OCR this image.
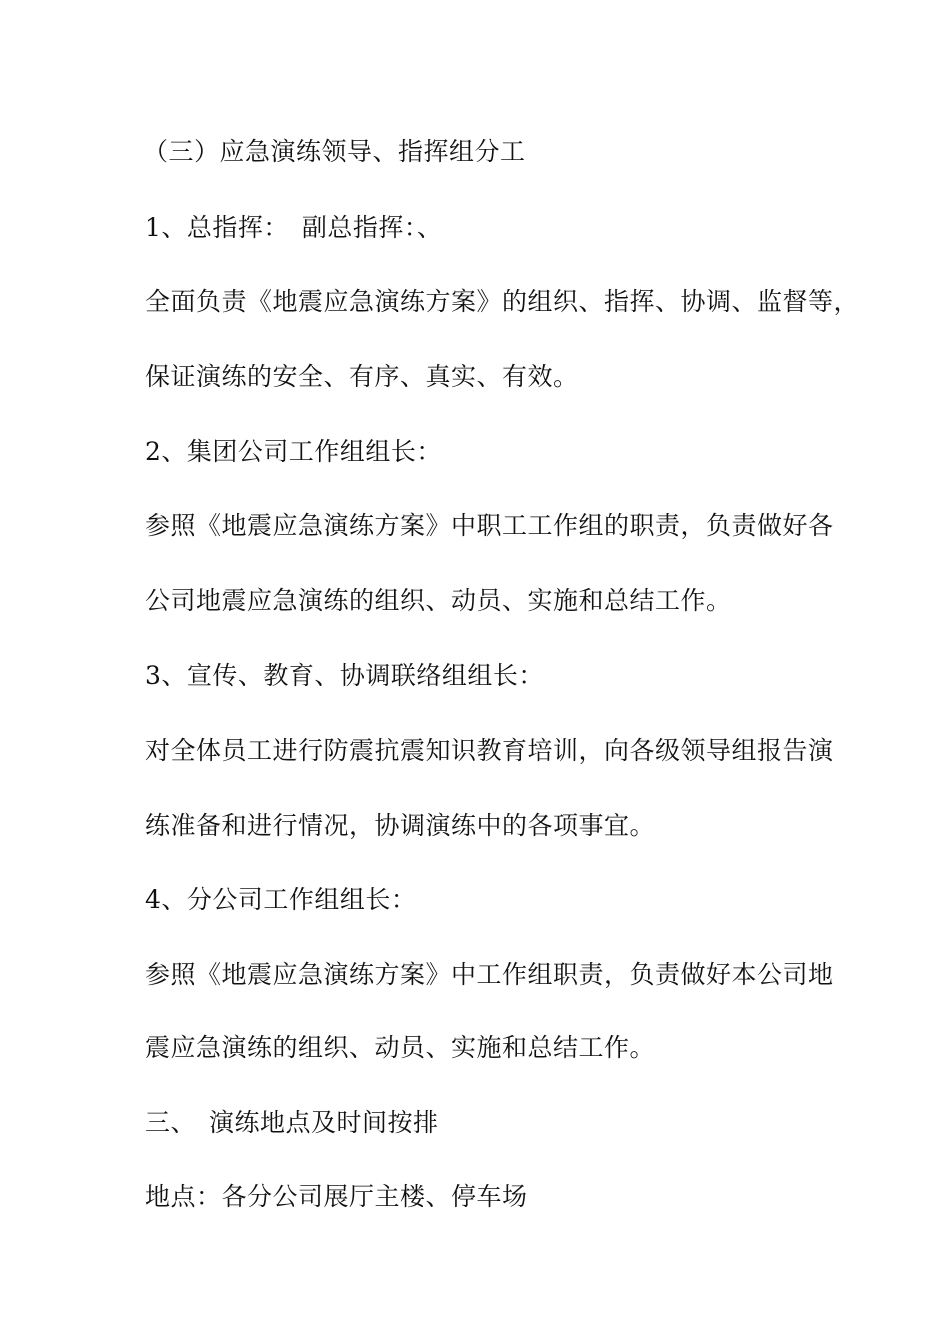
（三）应急演练领导、指挥组分工

1、总指挥：　副总指挥：、

全面负责《地震应急演练方案》的组织、指挥、协调、监督等，

保证演练的安全、有序、真实、有效。

2、集团公司工作组组长：

参照《地震应急演练方案》中职工工作组的职责，负责做好各

公司地震应急演练的组织、动员、实施和总结工作。

3、宣传、教育、协调联络组组长：

对全体员工进行防震抗震知识教育培训，向各级领导组报告演

练准备和进行情况，协调演练中的各项事宜。

4、分公司工作组组长：

参照《地震应急演练方案》中工作组职责，负责做好本公司地

震应急演练的组织、动员、实施和总结工作。

三、　演练地点及时间按排

地点：各分公司展厅主楼、停车场
